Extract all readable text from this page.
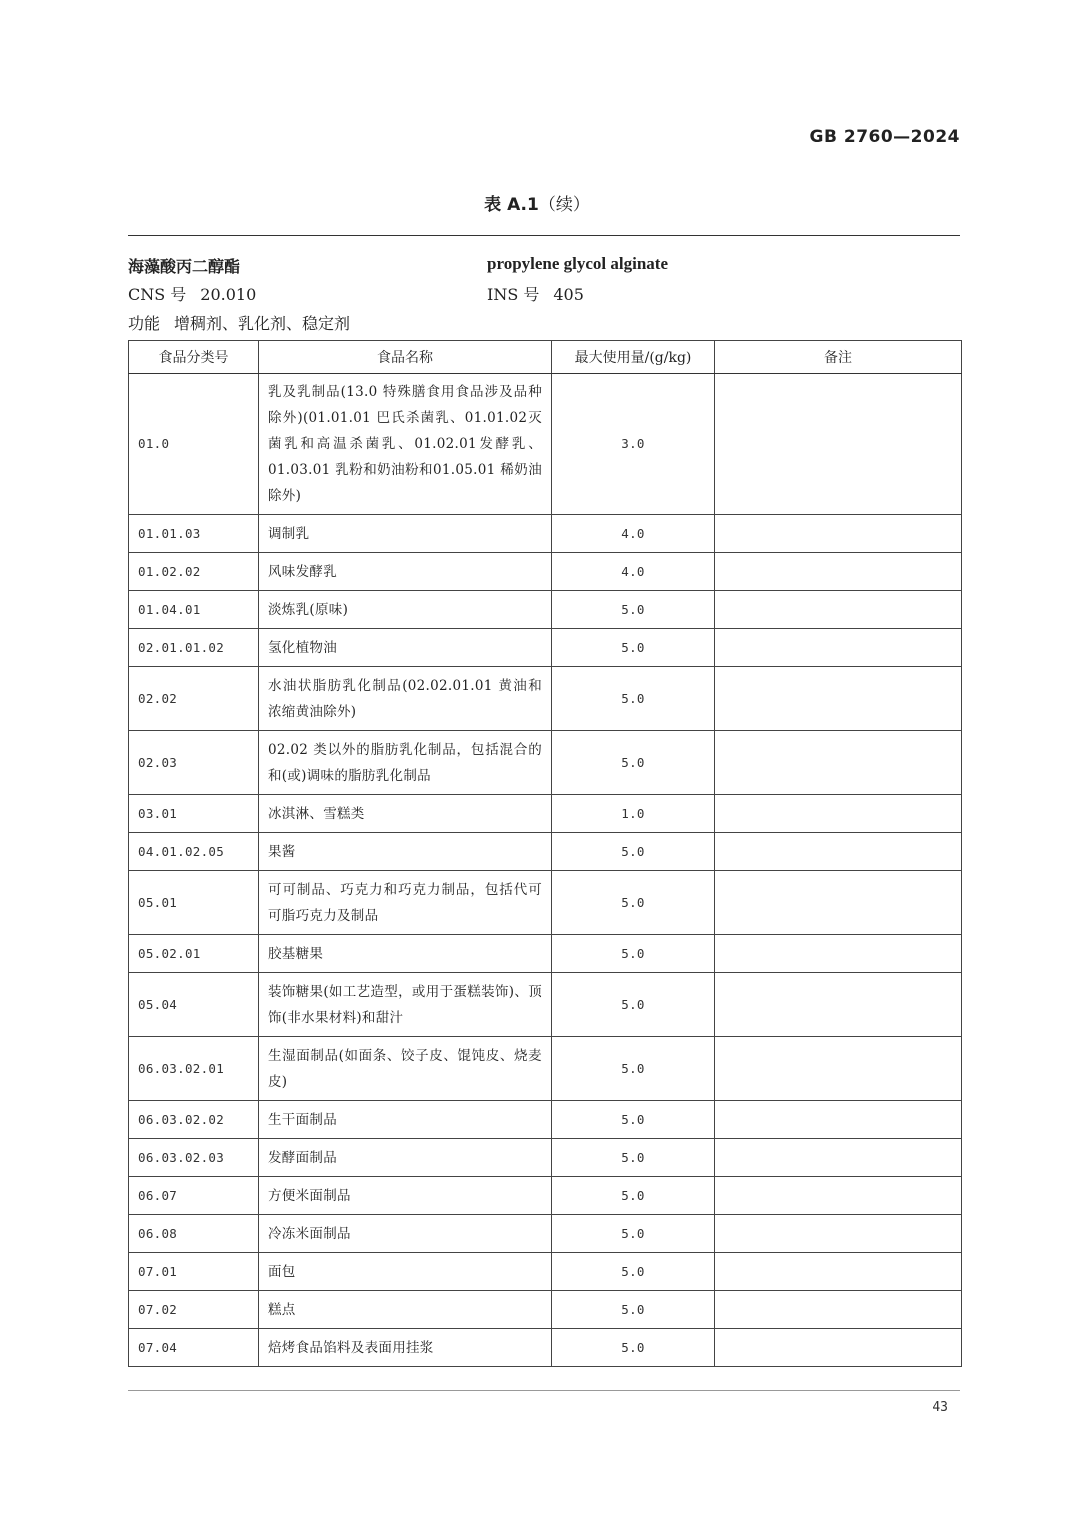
GB 2760—2024
表 A.1（续）
海藻酸丙二醇酯	propylene glycol alginate
CNS 号 20.010	INS 号 405
功能 增稠剂、乳化剂、稳定剂
食品分类号	食品名称	最大使用量/(g/kg)	备注
01.0	乳及乳制品(13.0 特殊膳食用食品涉及品种除外)(01.01.01 巴氏杀菌乳、01.01.02灭菌乳和高温杀菌乳、01.02.01发酵乳、01.03.01 乳粉和奶油粉和01.05.01 稀奶油除外)	3.0	
01.01.03	调制乳	4.0	
01.02.02	风味发酵乳	4.0	
01.04.01	淡炼乳(原味)	5.0	
02.01.01.02	氢化植物油	5.0	
02.02	水油状脂肪乳化制品(02.02.01.01 黄油和浓缩黄油除外)	5.0	
02.03	02.02 类以外的脂肪乳化制品，包括混合的和(或)调味的脂肪乳化制品	5.0	
03.01	冰淇淋、雪糕类	1.0	
04.01.02.05	果酱	5.0	
05.01	可可制品、巧克力和巧克力制品，包括代可可脂巧克力及制品	5.0	
05.02.01	胶基糖果	5.0	
05.04	装饰糖果(如工艺造型，或用于蛋糕装饰)、顶饰(非水果材料)和甜汁	5.0	
06.03.02.01	生湿面制品(如面条、饺子皮、馄饨皮、烧麦皮)	5.0	
06.03.02.02	生干面制品	5.0	
06.03.02.03	发酵面制品	5.0	
06.07	方便米面制品	5.0	
06.08	冷冻米面制品	5.0	
07.01	面包	5.0	
07.02	糕点	5.0	
07.04	焙烤食品馅料及表面用挂浆	5.0	
43
